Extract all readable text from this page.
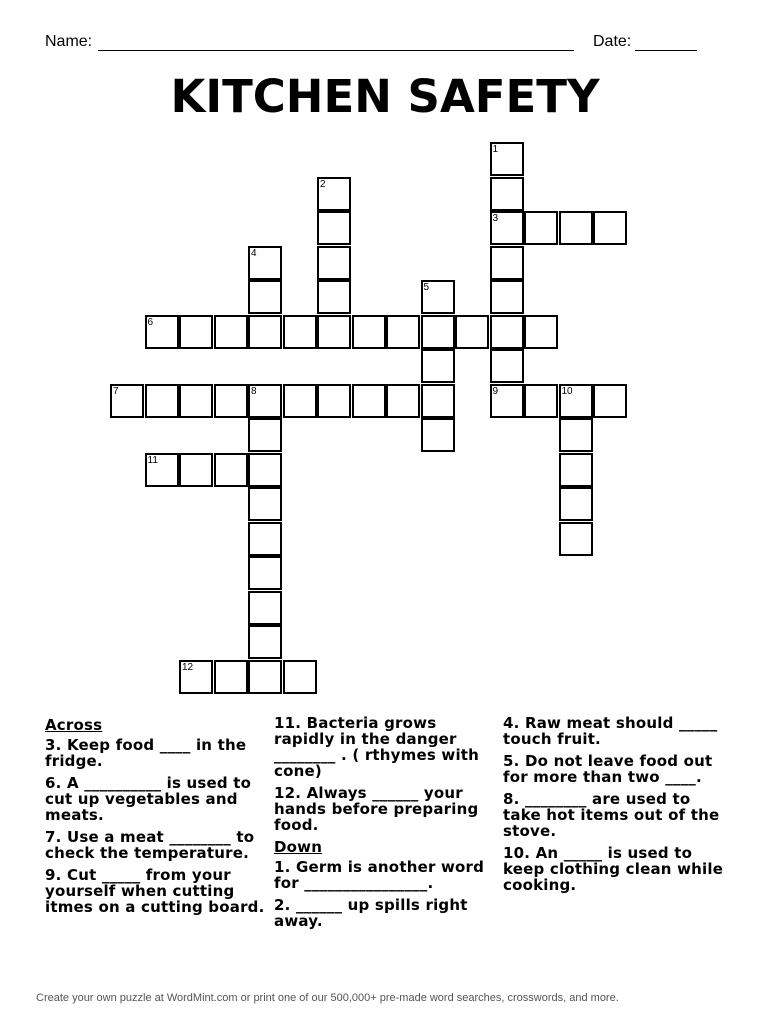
Name:	Date:
KITCHEN SAFETY
1
3
9
2
4
5
6
7	8	10
11
12
Across
3. Keep food ____ in the fridge.
6. A __________ is used to cut up vegetables and meats.
7. Use a meat ________ to check the temperature.
9. Cut _____ from your yourself when cutting itmes on a cutting board.
11. Bacteria grows rapidly in the danger ________ . ( rthymes with cone)
12. Always ______ your hands before preparing food.
Down
1. Germ is another word for ________________.
2. ______ up spills right away.
4. Raw meat should _____ touch fruit.
5. Do not leave food out for more than two ____.
8. ________ are used to take hot items out of the stove.
10. An _____ is used to keep clothing clean while cooking.
Create your own puzzle at WordMint.com or print one of our 500,000+ pre-made word searches, crosswords, and more.
